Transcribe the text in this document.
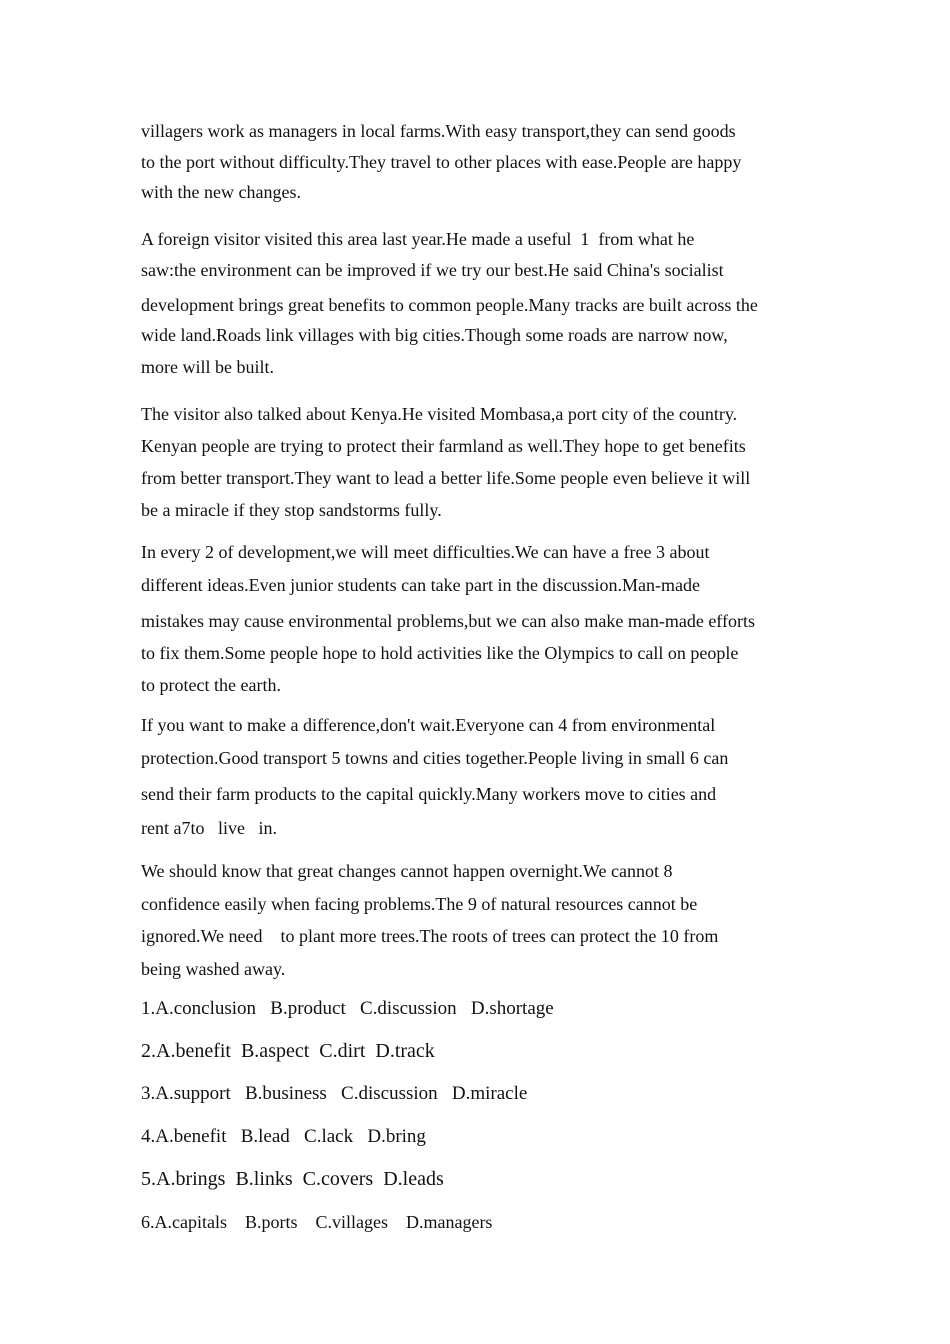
villagers work as managers in local farms.With easy transport,they can send goods
to the port without difficulty.They travel to other places with ease.People are happy
with the new changes.
A foreign visitor visited this area last year.He made a useful  1  from what he
saw:the environment can be improved if we try our best.He said China's socialist
development brings great benefits to common people.Many tracks are built across the
wide land.Roads link villages with big cities.Though some roads are narrow now,
more will be built.
The visitor also talked about Kenya.He visited Mombasa,a port city of the country.
Kenyan people are trying to protect their farmland as well.They hope to get benefits
from better transport.They want to lead a better life.Some people even believe it will
be a miracle if they stop sandstorms fully.
In every 2 of development,we will meet difficulties.We can have a free 3 about
different ideas.Even junior students can take part in the discussion.Man-made
mistakes may cause environmental problems,but we can also make man-made efforts
to fix them.Some people hope to hold activities like the Olympics to call on people
to protect the earth.
If you want to make a difference,don't wait.Everyone can 4 from environmental
protection.Good transport 5 towns and cities together.People living in small 6 can
send their farm products to the capital quickly.Many workers move to cities and
rent a7to   live   in.
We should know that great changes cannot happen overnight.We cannot 8
confidence easily when facing problems.The 9 of natural resources cannot be
ignored.We need    to plant more trees.The roots of trees can protect the 10 from
being washed away.
1.A.conclusion   B.product   C.discussion   D.shortage
2.A.benefit  B.aspect  C.dirt  D.track
3.A.support   B.business   C.discussion   D.miracle
4.A.benefit   B.lead   C.lack   D.bring
5.A.brings  B.links  C.covers  D.leads
6.A.capitals    B.ports    C.villages    D.managers
